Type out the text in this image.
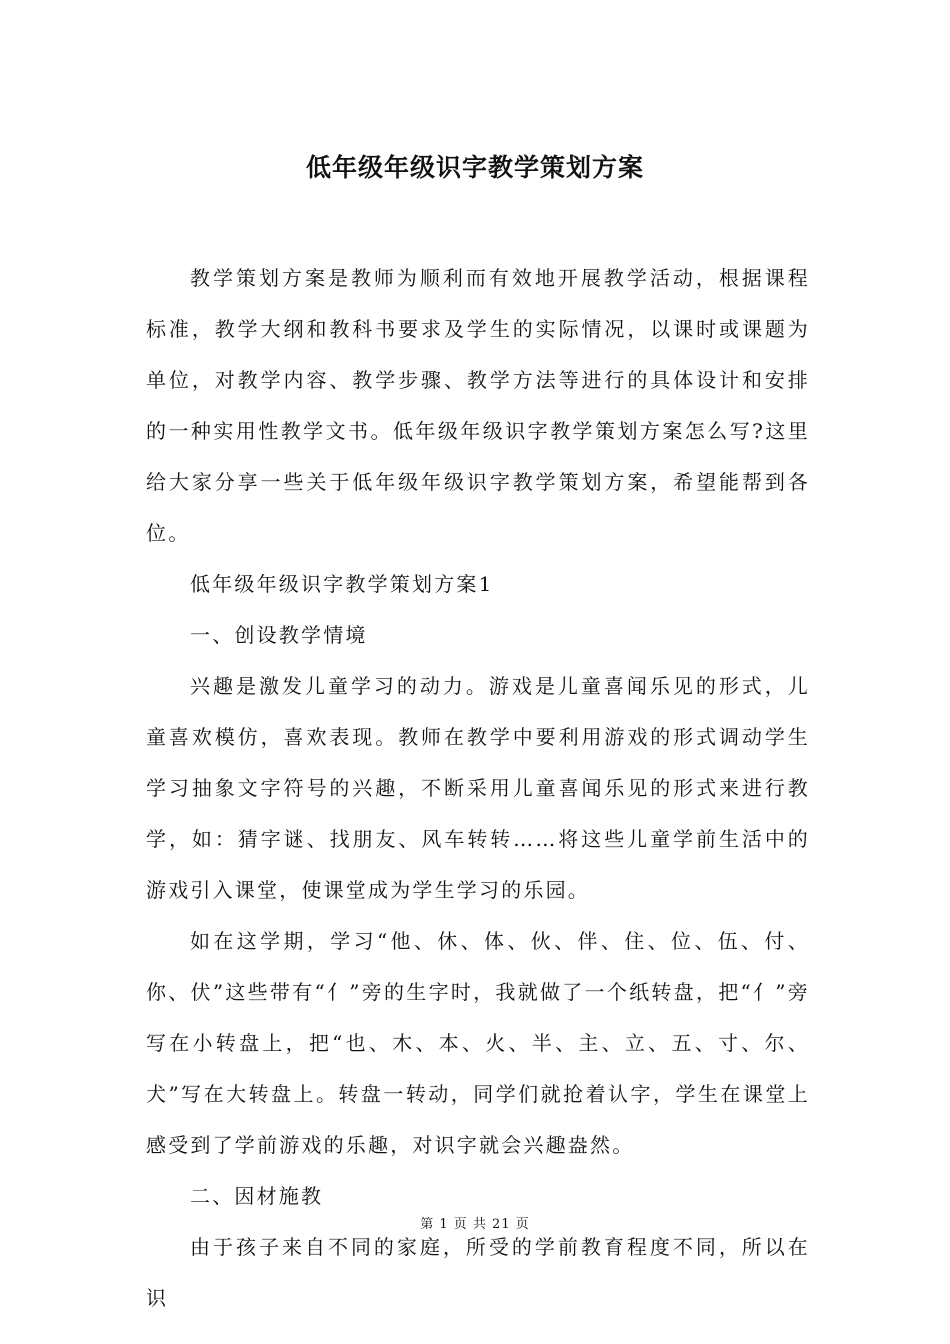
低年级年级识字教学策划方案

教学策划方案是教师为顺利而有效地开展教学活动，根据课程标准，教学大纲和教科书要求及学生的实际情况，以课时或课题为单位，对教学内容、教学步骤、教学方法等进行的具体设计和安排的一种实用性教学文书。低年级年级识字教学策划方案怎么写?这里给大家分享一些关于低年级年级识字教学策划方案，希望能帮到各位。

低年级年级识字教学策划方案1

一、创设教学情境

兴趣是激发儿童学习的动力。游戏是儿童喜闻乐见的形式，儿童喜欢模仿，喜欢表现。教师在教学中要利用游戏的形式调动学生学习抽象文字符号的兴趣，不断采用儿童喜闻乐见的形式来进行教学，如：猜字谜、找朋友、风车转转……将这些儿童学前生活中的游戏引入课堂，使课堂成为学生学习的乐园。

如在这学期，学习“他、休、体、伙、伴、住、位、伍、付、你、伏”这些带有“亻”旁的生字时，我就做了一个纸转盘，把“亻”旁写在小转盘上，把“也、木、本、火、半、主、立、五、寸、尔、犬”写在大转盘上。转盘一转动，同学们就抢着认字，学生在课堂上感受到了学前游戏的乐趣，对识字就会兴趣盎然。

二、因材施教

由于孩子来自不同的家庭，所受的学前教育程度不同，所以在识

第 1 页 共 21 页
